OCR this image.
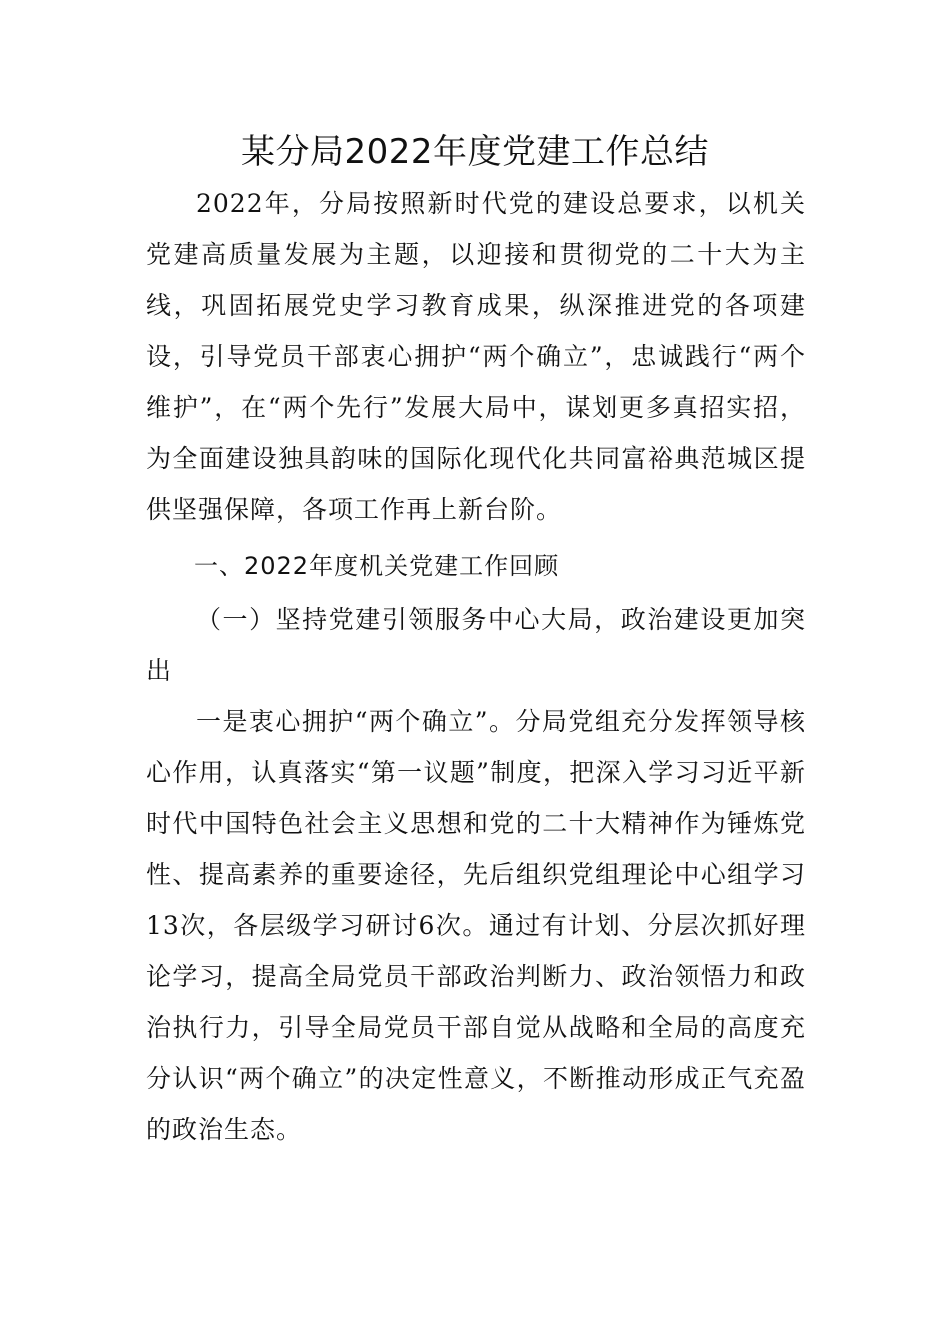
某分局2022年度党建工作总结

2022年，分局按照新时代党的建设总要求，以机关党建高质量发展为主题，以迎接和贯彻党的二十大为主线，巩固拓展党史学习教育成果，纵深推进党的各项建设，引导党员干部衷心拥护“两个确立”，忠诚践行“两个维护”，在“两个先行”发展大局中，谋划更多真招实招，为全面建设独具韵味的国际化现代化共同富裕典范城区提供坚强保障，各项工作再上新台阶。

一、2022年度机关党建工作回顾

（一）坚持党建引领服务中心大局，政治建设更加突出

一是衷心拥护“两个确立”。分局党组充分发挥领导核心作用，认真落实“第一议题”制度，把深入学习习近平新时代中国特色社会主义思想和党的二十大精神作为锤炼党性、提高素养的重要途径，先后组织党组理论中心组学习13次，各层级学习研讨6次。通过有计划、分层次抓好理论学习，提高全局党员干部政治判断力、政治领悟力和政治执行力，引导全局党员干部自觉从战略和全局的高度充分认识“两个确立”的决定性意义，不断推动形成正气充盈的政治生态。
